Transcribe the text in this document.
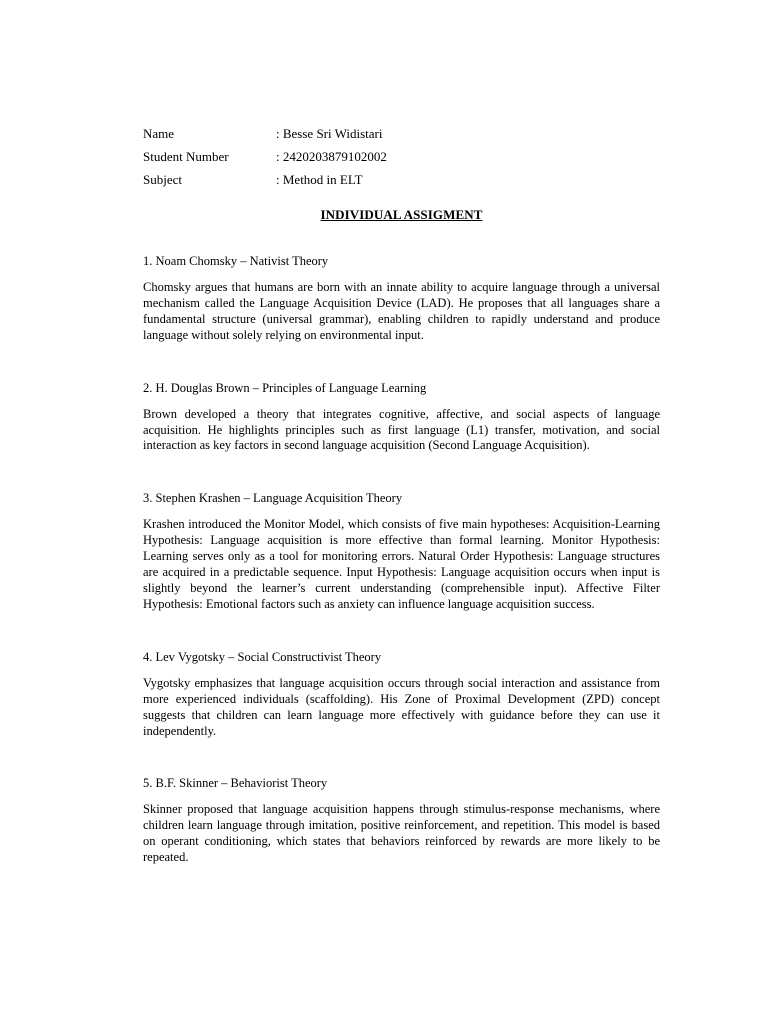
Name	: Besse Sri Widistari
Student Number	: 2420203879102002
Subject	: Method in ELT
INDIVIDUAL ASSIGMENT

1. Noam Chomsky – Nativist Theory

Chomsky argues that humans are born with an innate ability to acquire language through a universal mechanism called the Language Acquisition Device (LAD). He proposes that all languages share a fundamental structure (universal grammar), enabling children to rapidly understand and produce language without solely relying on environmental input.

2. H. Douglas Brown – Principles of Language Learning

Brown developed a theory that integrates cognitive, affective, and social aspects of language acquisition. He highlights principles such as first language (L1) transfer, motivation, and social interaction as key factors in second language acquisition (Second Language Acquisition).

3. Stephen Krashen – Language Acquisition Theory

Krashen introduced the Monitor Model, which consists of five main hypotheses: Acquisition-Learning Hypothesis: Language acquisition is more effective than formal learning. Monitor Hypothesis: Learning serves only as a tool for monitoring errors. Natural Order Hypothesis: Language structures are acquired in a predictable sequence. Input Hypothesis: Language acquisition occurs when input is slightly beyond the learner’s current understanding (comprehensible input). Affective Filter Hypothesis: Emotional factors such as anxiety can influence language acquisition success.

4. Lev Vygotsky – Social Constructivist Theory

Vygotsky emphasizes that language acquisition occurs through social interaction and assistance from more experienced individuals (scaffolding). His Zone of Proximal Development (ZPD) concept suggests that children can learn language more effectively with guidance before they can use it independently.

5. B.F. Skinner – Behaviorist Theory

Skinner proposed that language acquisition happens through stimulus-response mechanisms, where children learn language through imitation, positive reinforcement, and repetition. This model is based on operant conditioning, which states that behaviors reinforced by rewards are more likely to be repeated.
